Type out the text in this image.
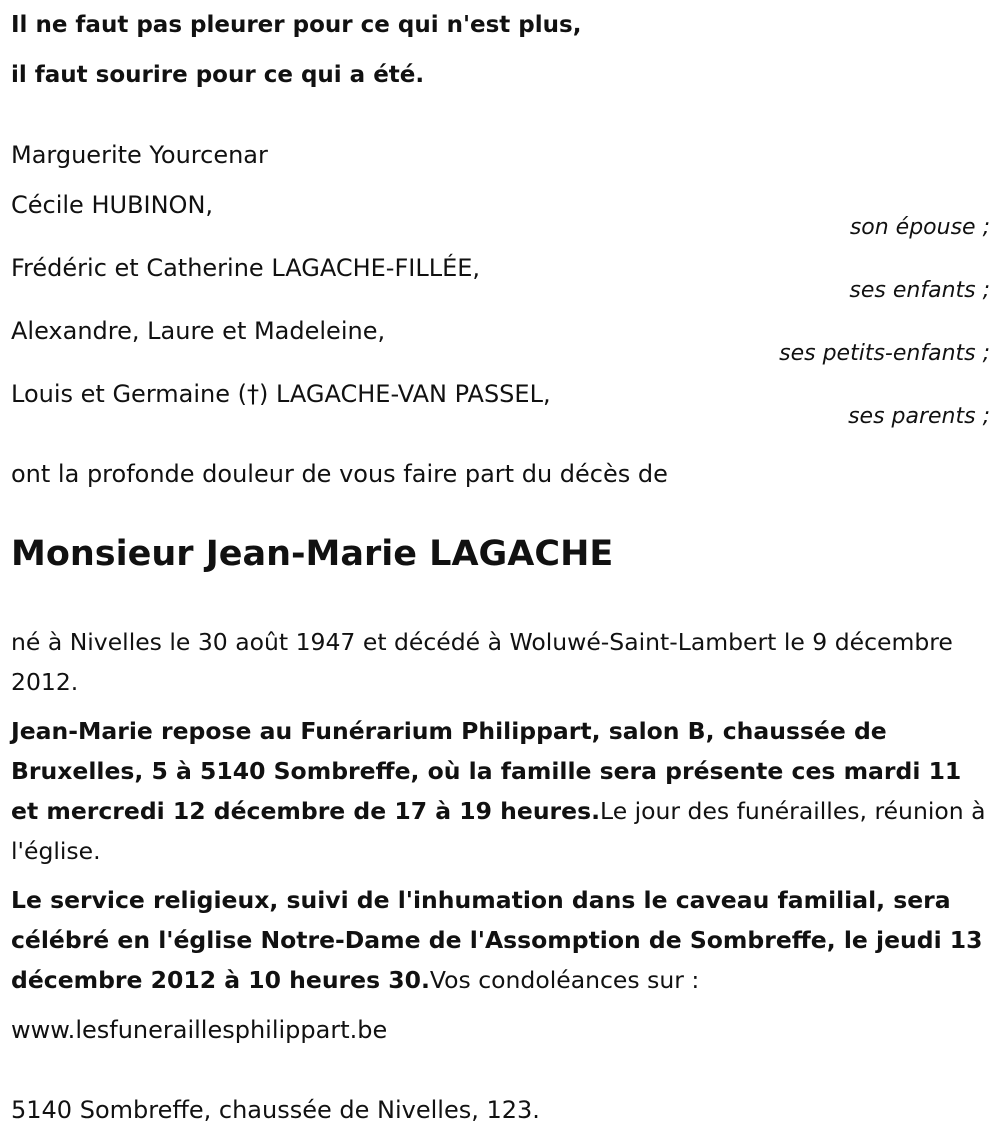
Il ne faut pas pleurer pour ce qui n'est plus,
il faut sourire pour ce qui a été.
Marguerite Yourcenar
Cécile HUBINON,
son épouse ;
Frédéric et Catherine LAGACHE-FILLÉE,
ses enfants ;
Alexandre, Laure et Madeleine,
ses petits-enfants ;
Louis et Germaine (†) LAGACHE-VAN PASSEL,
ses parents ;
ont la profonde douleur de vous faire part du décès de
Monsieur Jean-Marie LAGACHE
né à Nivelles le 30 août 1947 et décédé à Woluwé-Saint-Lambert le 9 décembre 2012.
Jean-Marie repose au Funérarium Philippart, salon B, chaussée de Bruxelles, 5 à 5140 Sombreffe, où la famille sera présente ces mardi 11 et mercredi 12 décembre de 17 à 19 heures.Le jour des funérailles, réunion à l'église.
Le service religieux, suivi de l'inhumation dans le caveau familial, sera célébré en l'église Notre-Dame de l'Assomption de Sombreffe, le jeudi 13 décembre 2012 à 10 heures 30.Vos condoléances sur :
www.lesfuneraillesphilippart.be
5140 Sombreffe, chaussée de Nivelles, 123.
